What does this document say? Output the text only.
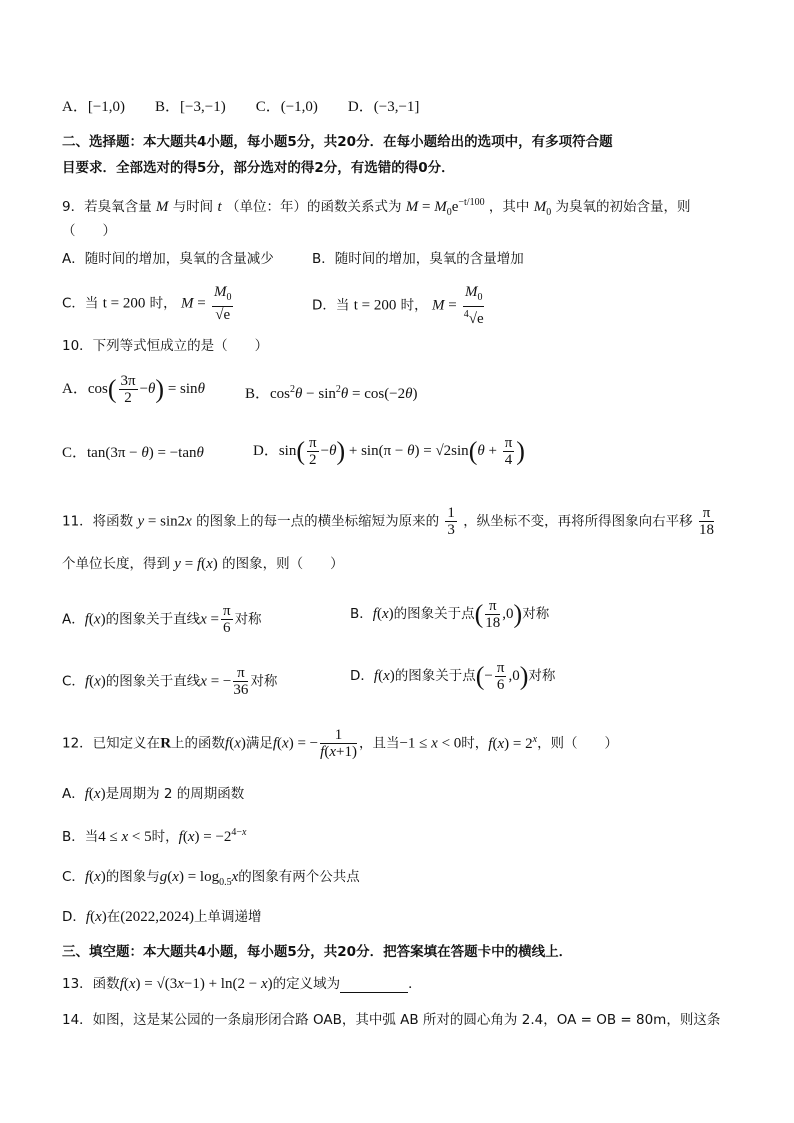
A．[−1,0)　　B．[−3,−1)　　C．(−1,0)　　D．(−3,−1]
二、选择题：本大题共4小题，每小题5分，共20分．在每小题给出的选项中，有多项符合题
目要求．全部选对的得5分，部分选对的得2分，有选错的得0分．
9．若臭氧含量 M 与时间 t （单位：年）的函数关系式为 $M = M_0e^{-t/100}$ ，其中 $M_0$ 为臭氧的初始含量，则
（　　）
A．随时间的增加，臭氧的含量减少	B．随时间的增加，臭氧的含量增加
C．当 t = 200 时， $M = \frac{M_0}{√e}$	D．当 t = 200 时， $M = \frac{M_0}{^4√e}$
10．下列等式恒成立的是（　　）
A．$\cos( \frac{3\pi}{2} -\theta) = \sin\theta$	B．$\cos^2\theta - \sin^2\theta = \cos(-2\theta)$
C．tan(3π − θ) = −tanθ	D．$\sin( \frac{\pi}{2} -\theta) + \sin(\pi - \theta) = √2\sin(\theta + \frac{\pi}{4}$ )
11．将函数 y = sin2x 的图象上的每一点的横坐标缩短为原来的 $\frac{1}{3}$ ，纵坐标不变，再将所得图象向右平移 $\frac{\pi}{18}$
个单位长度，得到 y = f(x) 的图象，则（　　）
A．f(x)的图象关于直线$x = \frac{\pi}{6}$ 对称	B．f(x)的图象关于点( $\frac{\pi}{18} ,0$)对称
C．f(x)的图象关于直线x = − $\frac{\pi}{36}$ 对称	D．f(x)的图象关于点(− $\frac{\pi}{6} ,0$)对称
12．已知定义在R上的函数f(x)满足f(x) = − $\frac{1}{f(x+1)}$ ，且当−1 ≤ x < 0时，$f(x) = 2^x$，则（　　）
A．f(x)是周期为 2 的周期函数
B．当4 ≤ x < 5时，$f(x) = -2^{4-x}$
C．f(x)的图象与$g(x) = \log_{0.5}x$的图象有两个公共点
D．f(x)在(2022,2024)上单调递增
三、填空题：本大题共4小题，每小题5分，共20分．把答案填在答题卡中的横线上．
13．函数f(x) = √(3x−1) + ln(2 − x)的定义域为	．
14．如图，这是某公园的一条扇形闭合路 OAB，其中弧 AB 所对的圆心角为 2.4，OA = OB = 80m，则这条
